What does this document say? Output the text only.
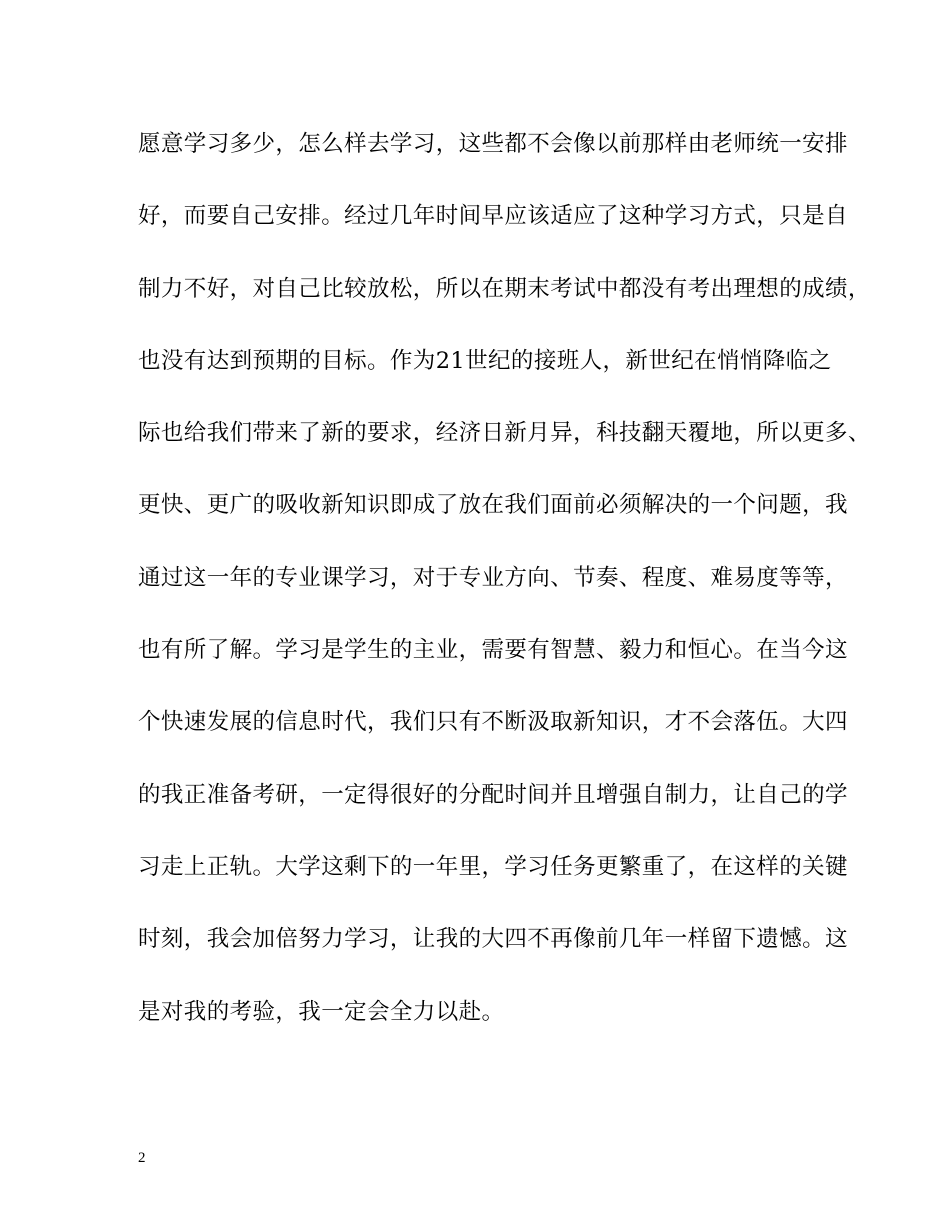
愿意学习多少，怎么样去学习，这些都不会像以前那样由老师统一安排
好，而要自己安排。经过几年时间早应该适应了这种学习方式，只是自
制力不好，对自己比较放松，所以在期末考试中都没有考出理想的成绩，
也没有达到预期的目标。作为21世纪的接班人，新世纪在悄悄降临之
际也给我们带来了新的要求，经济日新月异，科技翻天覆地，所以更多、
更快、更广的吸收新知识即成了放在我们面前必须解决的一个问题，我
通过这一年的专业课学习，对于专业方向、节奏、程度、难易度等等，
也有所了解。学习是学生的主业，需要有智慧、毅力和恒心。在当今这
个快速发展的信息时代，我们只有不断汲取新知识，才不会落伍。大四
的我正准备考研，一定得很好的分配时间并且增强自制力，让自己的学
习走上正轨。大学这剩下的一年里，学习任务更繁重了，在这样的关键
时刻，我会加倍努力学习，让我的大四不再像前几年一样留下遗憾。这
是对我的考验，我一定会全力以赴。
2
